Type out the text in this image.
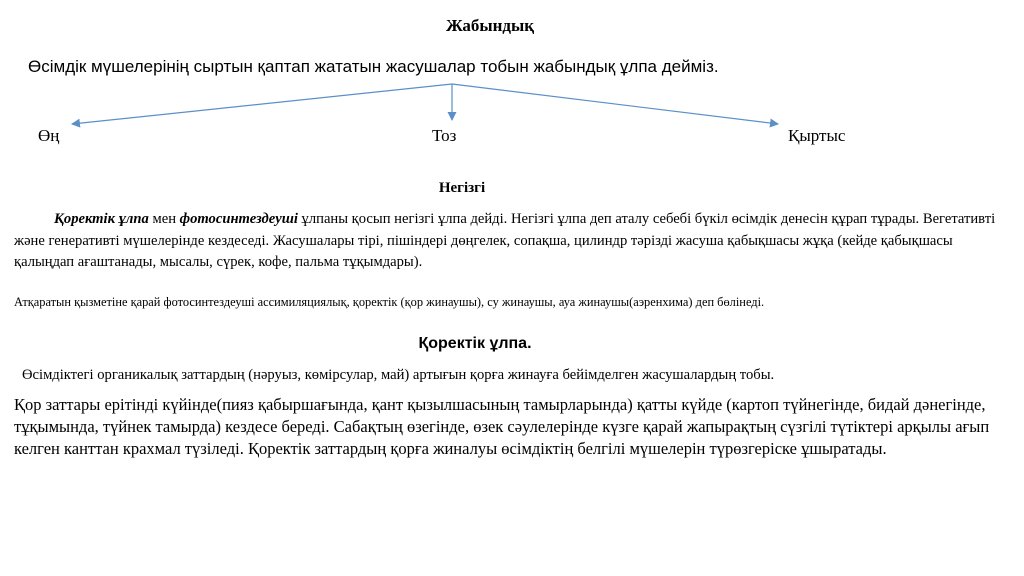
Жабындық
Өсімдік мүшелерінің сыртын қаптап жататын жасушалар тобын жабындық ұлпа дейміз.
Өң	Тоз	Қыртыс
Негізгі

Қоректік ұлпа мен фотосинтездеуші ұлпаны қосып негізгі ұлпа дейді. Негізгі ұлпа деп аталу себебі бүкіл өсімдік денесін құрап тұрады. Вегетативті және генеративті мүшелерінде кездеседі. Жасушалары тірі, пішіндері дөңгелек, сопақша, цилиндр тәрізді жасуша қабықшасы жұқа (кейде қабықшасы қалыңдап ағаштанады, мысалы, сүрек, кофе, пальма тұқымдары).

Атқаратын қызметіне қарай фотосинтездеуші ассимиляциялық, қоректік (қор жинаушы), су жинаушы, ауа жинаушы(аэренхима) деп бөлінеді.

Қоректік ұлпа.

Өсімдіктегі органикалық заттардың (нәруыз, көмірсулар, май) артығын қорға жинауға бейімделген жасушалардың тобы.

Қор заттары ерітінді күйінде(пияз қабыршағында, қант қызылшасының тамырларында) қатты күйде (картоп түйнегінде, бидай дәнегінде, тұқымында, түйнек тамырда) кездесе береді. Сабақтың өзегінде, өзек сәулелерінде күзге қарай жапырақтың сүзгілі түтіктері арқылы ағып келген канттан крахмал түзіледі. Қоректік заттардың қорға жиналуы өсімдіктің белгілі мүшелерін түрөзгеріске ұшыратады.
